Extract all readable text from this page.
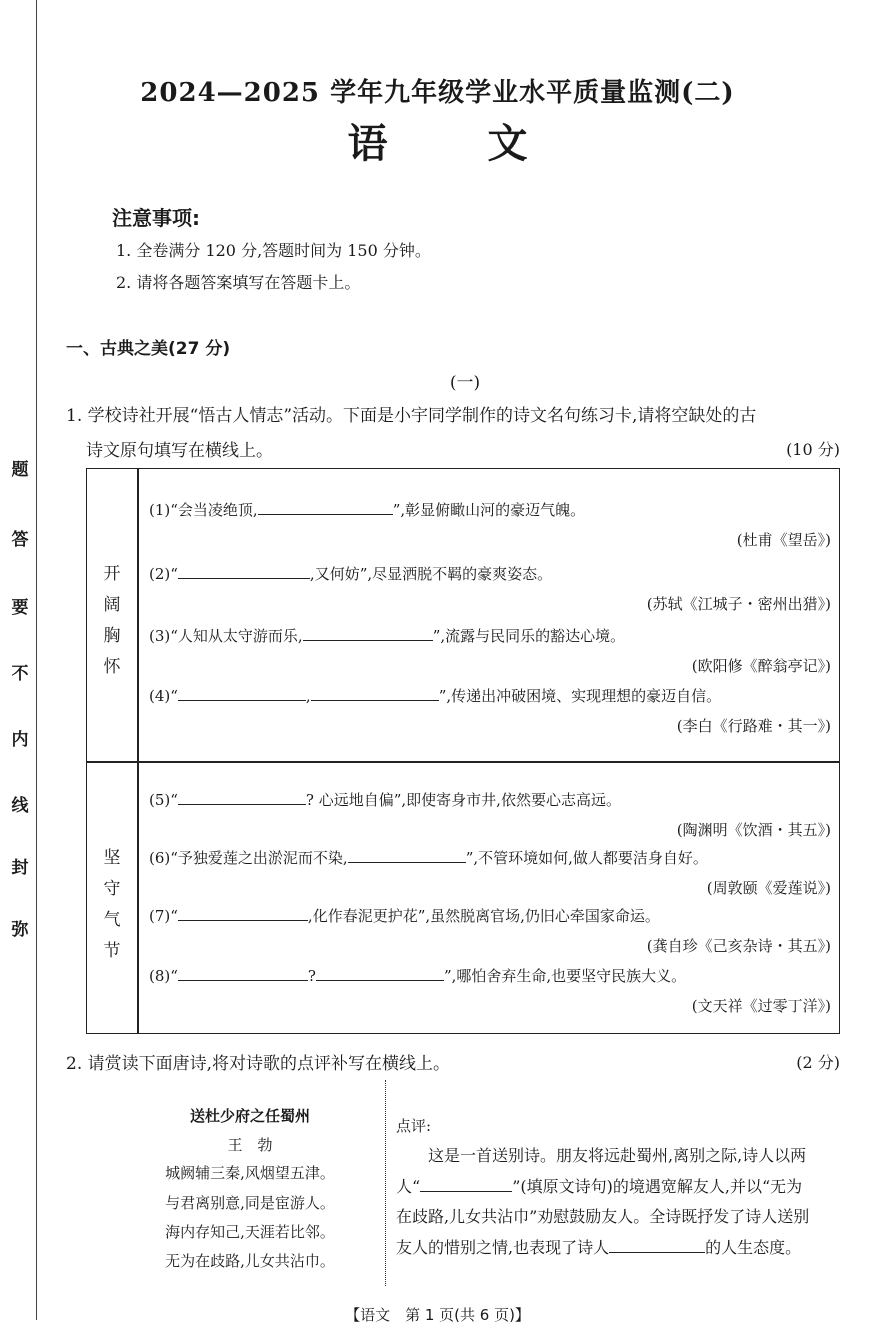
题
答
要
不
内
线
封
弥
2024—2025 学年九年级学业水平质量监测(二)
语	文
注意事项:
1. 全卷满分 120 分,答题时间为 150 分钟。
2. 请将各题答案填写在答题卡上。
一、古典之美(27 分)
(一)
1. 学校诗社开展“悟古人情志”活动。下面是小宇同学制作的诗文名句练习卡,请将空缺处的古
诗文原句填写在横线上。	(10 分)
开
阔
胸
怀
坚
守
气
节
(1)“会当凌绝顶,	”,彰显俯瞰山河的豪迈气魄。
(杜甫《望岳》)
(2)“	,又何妨”,尽显洒脱不羁的豪爽姿态。
(苏轼《江城子・密州出猎》)
(3)“人知从太守游而乐,	”,流露与民同乐的豁达心境。
(欧阳修《醉翁亭记》)
(4)“	,	”,传递出冲破困境、实现理想的豪迈自信。
(李白《行路难・其一》)
(5)“	? 心远地自偏”,即使寄身市井,依然要心志高远。
(陶渊明《饮酒・其五》)
(6)“予独爱莲之出淤泥而不染,	”,不管环境如何,做人都要洁身自好。
(周敦颐《爱莲说》)
(7)“	,化作春泥更护花”,虽然脱离官场,仍旧心牵国家命运。
(龚自珍《己亥杂诗・其五》)
(8)“	?	”,哪怕舍弃生命,也要坚守民族大义。
(文天祥《过零丁洋》)
2. 请赏读下面唐诗,将对诗歌的点评补写在横线上。	(2 分)
送杜少府之任蜀州
王　勃
城阙辅三秦,风烟望五津。
与君离别意,同是宦游人。
海内存知己,天涯若比邻。
无为在歧路,儿女共沾巾。
点评:
这是一首送别诗。朋友将远赴蜀州,离别之际,诗人以两
人“	”(填原文诗句)的境遇宽解友人,并以“无为
在歧路,儿女共沾巾”劝慰鼓励友人。全诗既抒发了诗人送别
友人的惜别之情,也表现了诗人	的人生态度。
【语文　第 1 页(共 6 页)】
